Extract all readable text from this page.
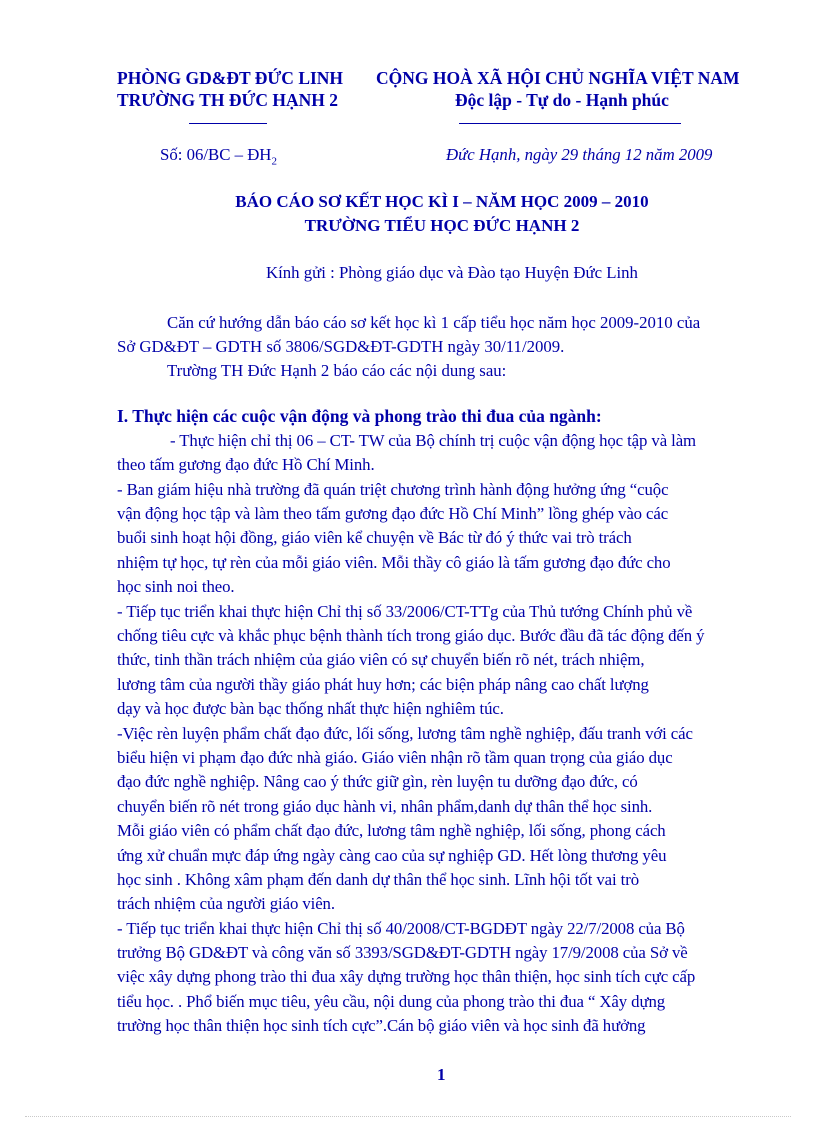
PHÒNG GD&ĐT ĐỨC LINH
TRƯỜNG TH ĐỨC HẠNH 2
CỘNG HOÀ XÃ HỘI CHỦ NGHĨA VIỆT NAM
Độc lập - Tự do - Hạnh phúc
Số: $06/BC - ĐH_2$	Đức Hạnh, ngày 29 tháng 12 năm 2009
BÁO CÁO SƠ KẾT HỌC KÌ I – NĂM HỌC 2009 – 2010
TRƯỜNG TIỂU HỌC ĐỨC HẠNH 2
Kính gửi : Phòng giáo dục và Đào tạo Huyện Đức Linh
Căn cứ hướng dẫn báo cáo sơ kết học kì 1 cấp tiểu học năm học 2009-2010 của
Sở GD&ĐT – GDTH số 3806/SGD&ĐT-GDTH ngày 30/11/2009.
Trường TH Đức Hạnh 2 báo cáo các nội dung sau:
I. Thực hiện các cuộc vận động và phong trào thi đua của ngành:
- Thực hiện chỉ thị 06 – CT- TW của Bộ chính trị cuộc vận động học tập và làm
theo tấm gương đạo đức Hồ Chí Minh.
- Ban giám hiệu nhà trường đã quán triệt chương trình hành động hưởng ứng “cuộc
vận động học tập và làm theo tấm gương đạo đức Hồ Chí Minh” lồng ghép vào các
buổi sinh hoạt hội đồng, giáo viên kể chuyện về Bác từ đó ý thức vai trò trách
nhiệm tự học, tự rèn của mỗi giáo viên. Mỗi thầy cô giáo là tấm gương đạo đức cho
học sinh noi theo.
- Tiếp tục triển khai thực hiện Chỉ thị số 33/2006/CT-TTg của Thủ tướng Chính phủ về
chống tiêu cực và khắc phục bệnh thành tích trong giáo dục. Bước đầu đã tác động đến ý
thức, tinh thần trách nhiệm của giáo viên có sự chuyển biến rõ nét, trách nhiệm,
lương tâm của người thầy giáo phát huy hơn; các biện pháp nâng cao chất lượng
dạy và học được bàn bạc thống nhất thực hiện nghiêm túc.
-Việc rèn luyện phẩm chất đạo đức, lối sống, lương tâm nghề nghiệp, đấu tranh với các
biểu hiện vi phạm đạo đức nhà giáo. Giáo viên nhận rõ tầm quan trọng của giáo dục
đạo đức nghề nghiệp. Nâng cao ý thức giữ gìn, rèn luyện tu dưỡng đạo đức, có
chuyển biến rõ nét trong giáo dục hành vi, nhân phẩm,danh dự thân thể học sinh.
Mỗi giáo viên có phẩm chất đạo đức, lương tâm nghề nghiệp, lối sống, phong cách
ứng xử chuẩn mực đáp ứng ngày càng cao của sự nghiệp GD. Hết lòng thương yêu
học sinh . Không xâm phạm đến danh dự thân thể học sinh. Lĩnh hội tốt vai trò
trách nhiệm của người giáo viên.
- Tiếp tục triển khai thực hiện Chỉ thị số 40/2008/CT-BGDĐT ngày 22/7/2008 của Bộ
trưởng Bộ GD&ĐT và công văn số 3393/SGD&ĐT-GDTH ngày 17/9/2008 của Sở về
việc xây dựng phong trào thi đua xây dựng trường học thân thiện, học sinh tích cực cấp
tiểu học. . Phổ biến mục tiêu, yêu cầu, nội dung của phong trào thi đua “ Xây dựng
trường học thân thiện học sinh tích cực”.Cán bộ giáo viên và học sinh đã hưởng
1
